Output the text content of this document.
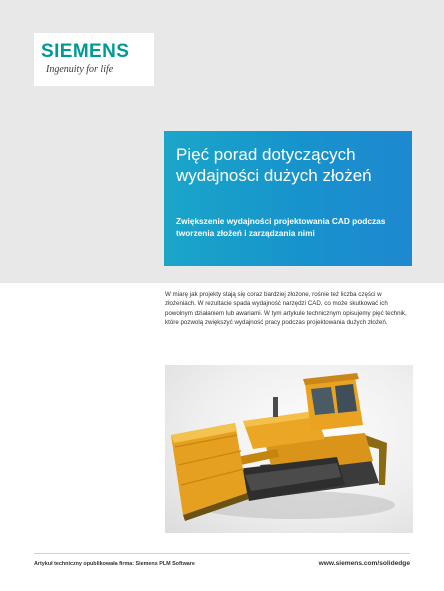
SIEMENS
Ingenuity for life
Pięć porad dotyczących wydajności dużych złożeń
Zwiększenie wydajności projektowania CAD podczas tworzenia złożeń i zarządzania nimi
W miarę jak projekty stają się coraz bardziej złożone, rośnie też liczba części w złożeniach. W rezultacie spada wydajność narzędzi CAD, co może skutkować ich powolnym działaniem lub awariami. W tym artykule technicznym opisujemy pięć technik, które pozwolą zwiększyć wydajność pracy podczas projektowania dużych złożeń.
Artykuł techniczny opublikowała firma: Siemens PLM Software	www.siemens.com/solidedge
